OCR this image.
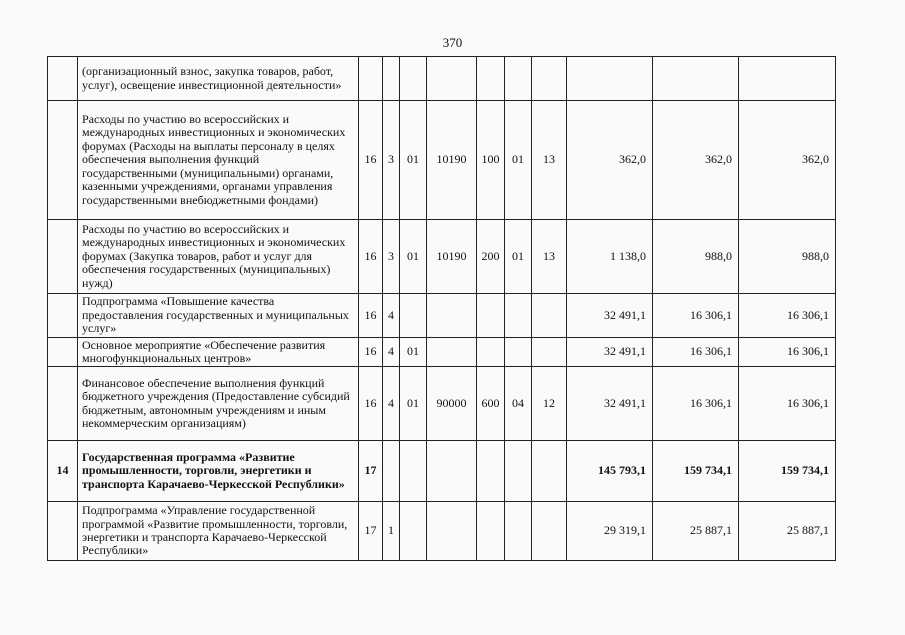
370
	(организационный взнос, закупка товаров, работ, услуг), освещение инвестиционной деятельности»										
	Расходы по участию во всероссийских и международных инвестиционных и экономических форумах (Расходы на выплаты персоналу в целях обеспечения выполнения функций государственными (муниципальными) органами, казенными учреждениями, органами управления государственными внебюджетными фондами)	16	3	01	10190	100	01	13	362,0	362,0	362,0
	Расходы по участию во всероссийских и международных инвестиционных и экономических форумах (Закупка товаров, работ и услуг для обеспечения государственных (муниципальных) нужд)	16	3	01	10190	200	01	13	1 138,0	988,0	988,0
	Подпрограмма «Повышение качества предоставления государственных и муниципальных услуг»	16	4						32 491,1	16 306,1	16 306,1
	Основное мероприятие «Обеспечение развития многофункциональных центров»	16	4	01					32 491,1	16 306,1	16 306,1
	Финансовое обеспечение выполнения функций бюджетного учреждения (Предоставление субсидий бюджетным, автономным учреждениям и иным некоммерческим организациям)	16	4	01	90000	600	04	12	32 491,1	16 306,1	16 306,1
14	Государственная программа «Развитие промышленности, торговли, энергетики и транспорта Карачаево-Черкесской Республики»	17							145 793,1	159 734,1	159 734,1
	Подпрограмма «Управление государственной программой «Развитие промышленности, торговли, энергетики и транспорта Карачаево-Черкесской Республики»	17	1						29 319,1	25 887,1	25 887,1
